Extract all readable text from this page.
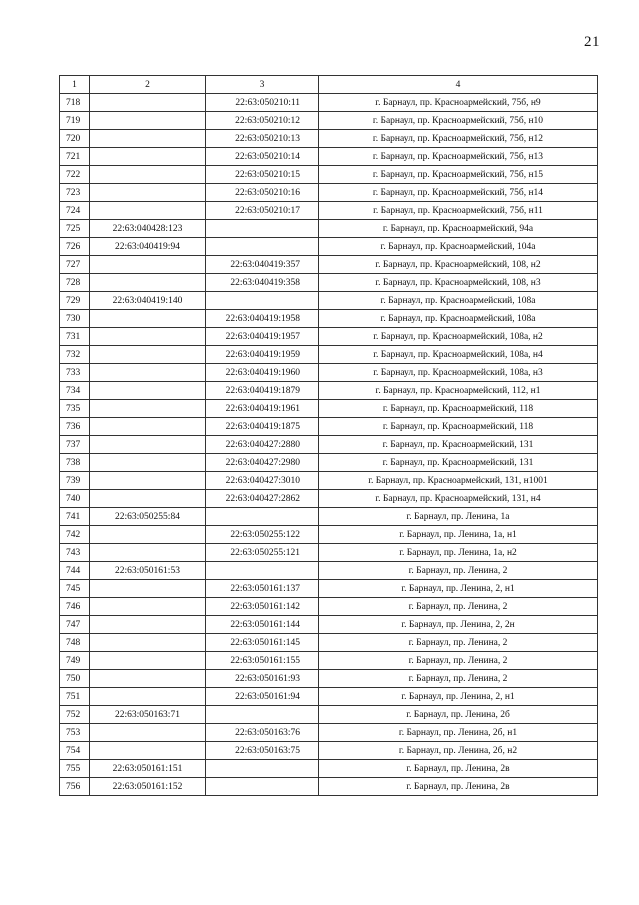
21
1	2	3	4
718		22:63:050210:11	г. Барнаул, пр. Красноармейский, 75б, н9
719		22:63:050210:12	г. Барнаул, пр. Красноармейский, 75б, н10
720		22:63:050210:13	г. Барнаул, пр. Красноармейский, 75б, н12
721		22:63:050210:14	г. Барнаул, пр. Красноармейский, 75б, н13
722		22:63:050210:15	г. Барнаул, пр. Красноармейский, 75б, н15
723		22:63:050210:16	г. Барнаул, пр. Красноармейский, 75б, н14
724		22:63:050210:17	г. Барнаул, пр. Красноармейский, 75б, н11
725	22:63:040428:123		г. Барнаул, пр. Красноармейский, 94а
726	22:63:040419:94		г. Барнаул, пр. Красноармейский, 104а
727		22:63:040419:357	г. Барнаул, пр. Красноармейский, 108, н2
728		22:63:040419:358	г. Барнаул, пр. Красноармейский, 108, н3
729	22:63:040419:140		г. Барнаул, пр. Красноармейский, 108а
730		22:63:040419:1958	г. Барнаул, пр. Красноармейский, 108а
731		22:63:040419:1957	г. Барнаул, пр. Красноармейский, 108а, н2
732		22:63:040419:1959	г. Барнаул, пр. Красноармейский, 108а, н4
733		22:63:040419:1960	г. Барнаул, пр. Красноармейский, 108а, н3
734		22:63:040419:1879	г. Барнаул, пр. Красноармейский, 112, н1
735		22:63:040419:1961	г. Барнаул, пр. Красноармейский, 118
736		22:63:040419:1875	г. Барнаул, пр. Красноармейский, 118
737		22:63:040427:2880	г. Барнаул, пр. Красноармейский, 131
738		22:63:040427:2980	г. Барнаул, пр. Красноармейский, 131
739		22:63:040427:3010	г. Барнаул, пр. Красноармейский, 131, н1001
740		22:63:040427:2862	г. Барнаул, пр. Красноармейский, 131, н4
741	22:63:050255:84		г. Барнаул, пр. Ленина, 1а
742		22:63:050255:122	г. Барнаул, пр. Ленина, 1а, н1
743		22:63:050255:121	г. Барнаул, пр. Ленина, 1а, н2
744	22:63:050161:53		г. Барнаул, пр. Ленина, 2
745		22:63:050161:137	г. Барнаул, пр. Ленина, 2, н1
746		22:63:050161:142	г. Барнаул, пр. Ленина, 2
747		22:63:050161:144	г. Барнаул, пр. Ленина, 2, 2н
748		22:63:050161:145	г. Барнаул, пр. Ленина, 2
749		22:63:050161:155	г. Барнаул, пр. Ленина, 2
750		22:63:050161:93	г. Барнаул, пр. Ленина, 2
751		22:63:050161:94	г. Барнаул, пр. Ленина, 2, н1
752	22:63:050163:71		г. Барнаул, пр. Ленина, 2б
753		22:63:050163:76	г. Барнаул, пр. Ленина, 2б, н1
754		22:63:050163:75	г. Барнаул, пр. Ленина, 2б, н2
755	22:63:050161:151		г. Барнаул, пр. Ленина, 2в
756	22:63:050161:152		г. Барнаул, пр. Ленина, 2в
